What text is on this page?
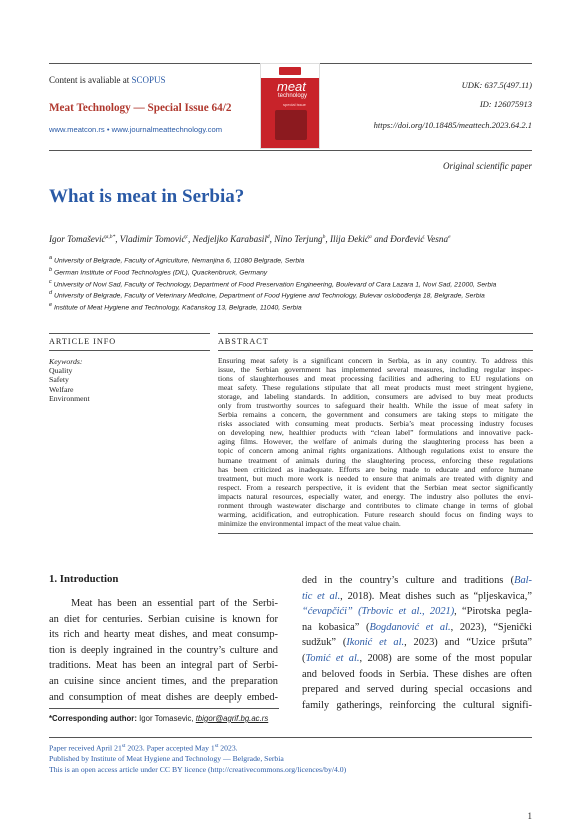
Content is avaliable at SCOPUS
Meat Technology — Special Issue 64/2
www.meatcon.rs • www.journalmeattechnology.com
meat
technology
special issue
UDK: 637.5(497.11)
ID: 126075913
https://doi.org/10.18485/meattech.2023.64.2.1
Original scientific paper
What is meat in Serbia?
Igor Tomašević$^{a,b*}$, Vladimir Tomović$^c$, Nedjeljko Karabasil$^d$, Nino Terjung$^b$, Ilija Đekić$^a$ and Đorđević Vesna$^e$
$^a$ University of Belgrade, Faculty of Agriculture, Nemanjina 6, 11080 Belgrade, Serbia
$^b$ German Institute of Food Technologies (DIL), Quackenbruck, Germany
$^c$ University of Novi Sad, Faculty of Technology, Department of Food Preservation Engineering, Boulevard of Cara Lazara 1, Novi Sad, 21000, Serbia
$^d$ University of Belgrade, Faculty of Veterinary Medicine, Department of Food Hygiene and Technology, Bulevar oslobođenja 18, Belgrade, Serbia
$^e$ Institute of Meat Hygiene and Technology, Kačanskog 13, Belgrade, 11040, Serbia
ARTICLE INFO	ABSTRACT
Keywords:
Quality
Safety
Welfare
Environment
Ensuring meat safety is a significant concern in Serbia, as in any country. To address this
issue, the Serbian government has implemented several measures, including regular inspec-
tions of slaughterhouses and meat processing facilities and adhering to EU regulations on
meat safety. These regulations stipulate that all meat products must meet stringent hygiene,
storage, and labeling standards. In addition, consumers are advised to buy meat products
only from trustworthy sources to safeguard their health. While the issue of meat safety in
Serbia remains a concern, the government and consumers are taking steps to mitigate the
risks associated with consuming meat products. Serbia’s meat processing industry focuses
on developing new, healthier products with “clean label” formulations and innovative pack-
aging films. However, the welfare of animals during the slaughtering process has been a
topic of concern among animal rights organizations. Although regulations exist to ensure the
humane treatment of animals during the slaughtering process, enforcing these regulations
has been criticized as inadequate. Efforts are being made to educate and enforce humane
treatment, but much more work is needed to ensure that animals are treated with dignity and
respect. From a research perspective, it is evident that the Serbian meat sector significantly
impacts natural resources, especially water, and energy. The industry also pollutes the envi-
ronment through wastewater discharge and contributes to climate change in terms of global
warming, acidification, and eutrophication. Future research should focus on finding ways to
minimize the environmental impact of the meat value chain.
1. Introduction
Meat has been an essential part of the Serbi-
an diet for centuries. Serbian cuisine is known for
its rich and hearty meat dishes, and meat consump-
tion is deeply ingrained in the country’s culture and
traditions. Meat has been an integral part of Serbi-
an cuisine since ancient times, and the preparation
and consumption of meat dishes are deeply embed-
ded in the country’s culture and traditions (Bal-
tic et al., 2018). Meat dishes such as “pljeskavica,”
“ćevapčići” (Trbovic et al., 2021), “Pirotska pegla-
na kobasica” (Bogdanović et al., 2023), “Sjenički
sudžuk” (Ikonić et al., 2023) and “Uzice pršuta”
(Tomić et al., 2008) are some of the most popular
and beloved foods in Serbia. These dishes are often
prepared and served during special occasions and
family gatherings, reinforcing the cultural signifi-
*Corresponding author: Igor Tomasevic, tbigor@agrif.bg.ac.rs
Paper received April 21st 2023. Paper accepted May 1st 2023.
Published by Institute of Meat Hygiene and Technology — Belgrade, Serbia
This is an open access article under CC BY licence (http://creativecommons.org/licences/by/4.0)
1
